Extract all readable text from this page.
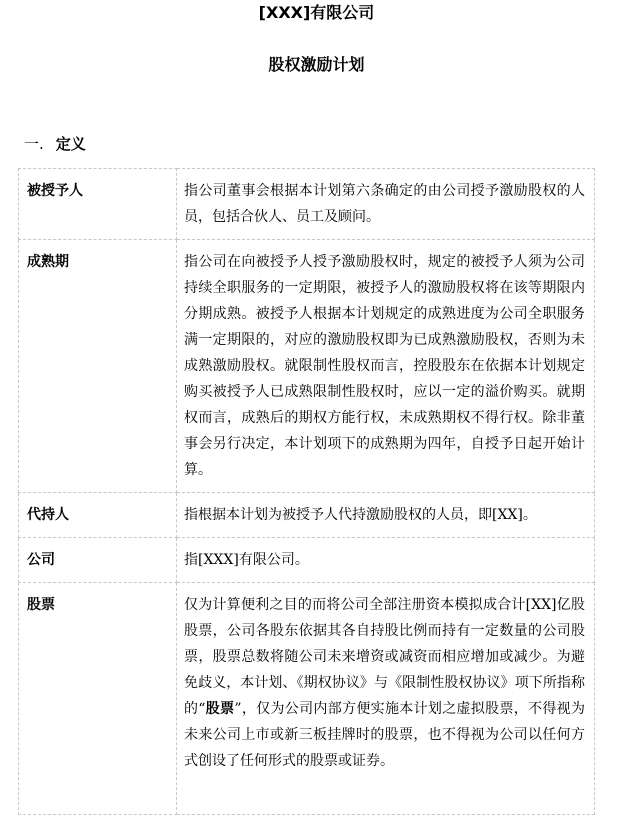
[XXX]有限公司
股权激励计划
一. 定义
被授予人	指公司董事会根据本计划第六条确定的由公司授予激励股权的人员，包括合伙人、员工及顾问。
成熟期	指公司在向被授予人授予激励股权时，规定的被授予人须为公司持续全职服务的一定期限，被授予人的激励股权将在该等期限内分期成熟。被授予人根据本计划规定的成熟进度为公司全职服务满一定期限的，对应的激励股权即为已成熟激励股权，否则为未成熟激励股权。就限制性股权而言，控股股东在依据本计划规定购买被授予人已成熟限制性股权时，应以一定的溢价购买。就期权而言，成熟后的期权方能行权，未成熟期权不得行权。除非董事会另行决定，本计划项下的成熟期为四年，自授予日起开始计算。
代持人	指根据本计划为被授予人代持激励股权的人员，即[XX]。
公司	指[XXX]有限公司。
股票	仅为计算便利之目的而将公司全部注册资本模拟成合计[XX]亿股股票，公司各股东依据其各自持股比例而持有一定数量的公司股票，股票总数将随公司未来增资或减资而相应增加或减少。为避免歧义，本计划、《期权协议》与《限制性股权协议》项下所指称的“股票”，仅为公司内部方便实施本计划之虚拟股票，不得视为未来公司上市或新三板挂牌时的股票，也不得视为公司以任何方式创设了任何形式的股票或证券。
